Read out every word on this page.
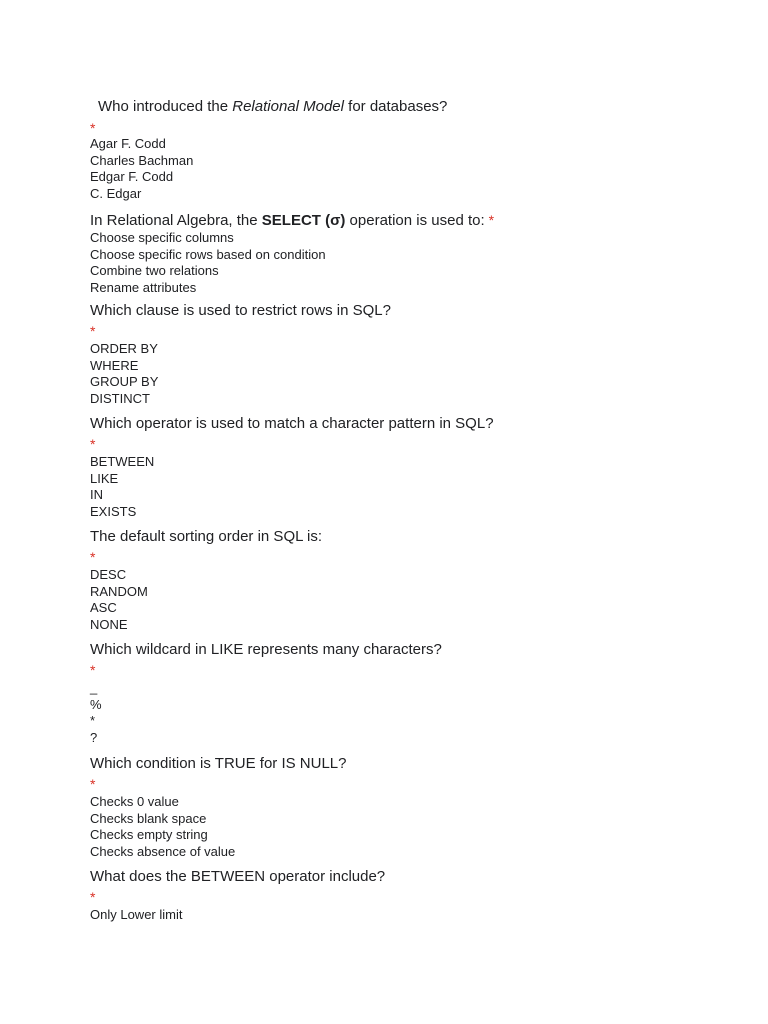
Who introduced the Relational Model for databases?
*
Agar F. Codd
Charles Bachman
Edgar F. Codd
C. Edgar
In Relational Algebra, the SELECT (σ) operation is used to: *
Choose specific columns
Choose specific rows based on condition
Combine two relations
Rename attributes
Which clause is used to restrict rows in SQL?
*
ORDER BY
WHERE
GROUP BY
DISTINCT
Which operator is used to match a character pattern in SQL?
*
BETWEEN
LIKE
IN
EXISTS
The default sorting order in SQL is:
*
DESC
RANDOM
ASC
NONE
Which wildcard in LIKE represents many characters?
*
_
%
*
?
Which condition is TRUE for IS NULL?
*
Checks 0 value
Checks blank space
Checks empty string
Checks absence of value
What does the BETWEEN operator include?
*
Only Lower limit
